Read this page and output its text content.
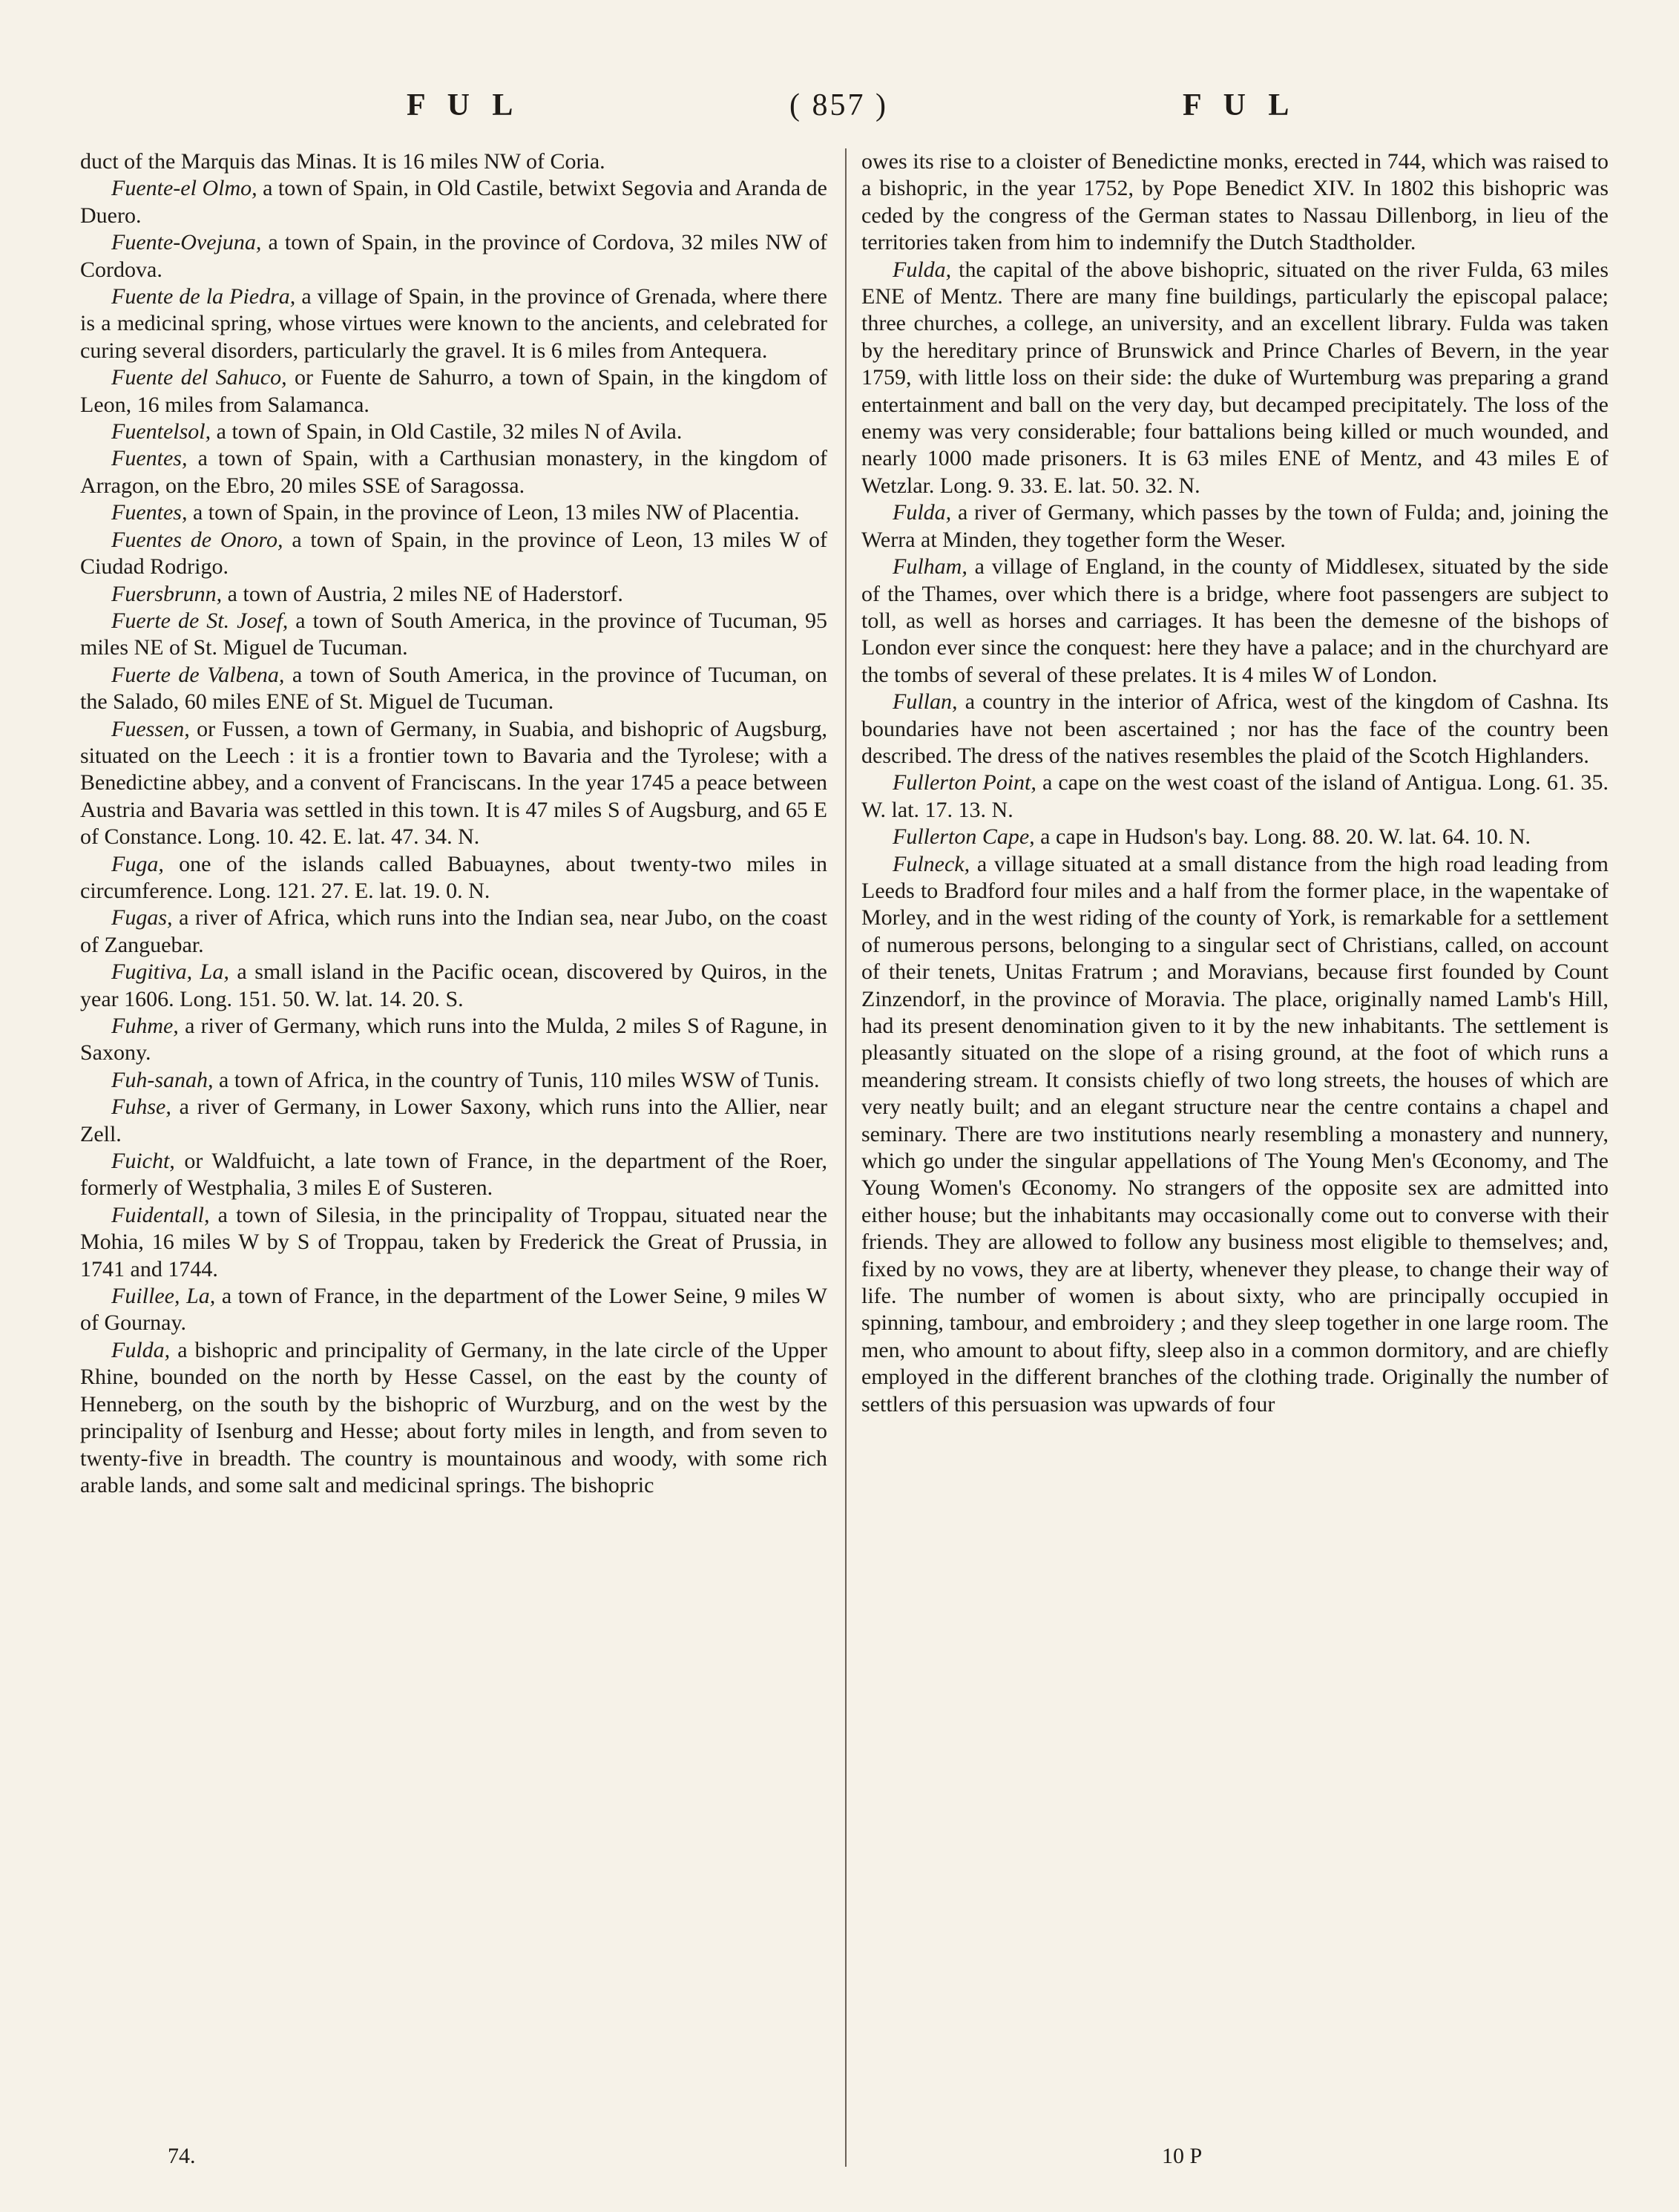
F U L	( 857 )	F U L

duct of the Marquis das Minas. It is 16 miles NW of Coria.

Fuente-el Olmo, a town of Spain, in Old Castile, betwixt Segovia and Aranda de Duero.

Fuente-Ovejuna, a town of Spain, in the province of Cordova, 32 miles NW of Cordova.

Fuente de la Piedra, a village of Spain, in the province of Grenada, where there is a medicinal spring, whose virtues were known to the ancients, and celebrated for curing several disorders, particularly the gravel. It is 6 miles from Antequera.

Fuente del Sahuco, or Fuente de Sahurro, a town of Spain, in the kingdom of Leon, 16 miles from Salamanca.

Fuentelsol, a town of Spain, in Old Castile, 32 miles N of Avila.

Fuentes, a town of Spain, with a Carthusian monastery, in the kingdom of Arragon, on the Ebro, 20 miles SSE of Saragossa.

Fuentes, a town of Spain, in the province of Leon, 13 miles NW of Placentia.

Fuentes de Onoro, a town of Spain, in the province of Leon, 13 miles W of Ciudad Rodrigo.

Fuersbrunn, a town of Austria, 2 miles NE of Haderstorf.

Fuerte de St. Josef, a town of South America, in the province of Tucuman, 95 miles NE of St. Miguel de Tucuman.

Fuerte de Valbena, a town of South America, in the province of Tucuman, on the Salado, 60 miles ENE of St. Miguel de Tucuman.

Fuessen, or Fussen, a town of Germany, in Suabia, and bishopric of Augsburg, situated on the Leech : it is a frontier town to Bavaria and the Tyrolese; with a Benedictine abbey, and a convent of Franciscans. In the year 1745 a peace between Austria and Bavaria was settled in this town. It is 47 miles S of Augsburg, and 65 E of Constance. Long. 10. 42. E. lat. 47. 34. N.

Fuga, one of the islands called Babuaynes, about twenty-two miles in circumference. Long. 121. 27. E. lat. 19. 0. N.

Fugas, a river of Africa, which runs into the Indian sea, near Jubo, on the coast of Zanguebar.

Fugitiva, La, a small island in the Pacific ocean, discovered by Quiros, in the year 1606. Long. 151. 50. W. lat. 14. 20. S.

Fuhme, a river of Germany, which runs into the Mulda, 2 miles S of Ragune, in Saxony.

Fuh-sanah, a town of Africa, in the country of Tunis, 110 miles WSW of Tunis.

Fuhse, a river of Germany, in Lower Saxony, which runs into the Allier, near Zell.

Fuicht, or Waldfuicht, a late town of France, in the department of the Roer, formerly of Westphalia, 3 miles E of Susteren.

Fuidentall, a town of Silesia, in the principality of Troppau, situated near the Mohia, 16 miles W by S of Troppau, taken by Frederick the Great of Prussia, in 1741 and 1744.

Fuillee, La, a town of France, in the department of the Lower Seine, 9 miles W of Gournay.

Fulda, a bishopric and principality of Germany, in the late circle of the Upper Rhine, bounded on the north by Hesse Cassel, on the east by the county of Henneberg, on the south by the bishopric of Wurzburg, and on the west by the principality of Isenburg and Hesse; about forty miles in length, and from seven to twenty-five in breadth. The country is mountainous and woody, with some rich arable lands, and some salt and medicinal springs. The bishopric

owes its rise to a cloister of Benedictine monks, erected in 744, which was raised to a bishopric, in the year 1752, by Pope Benedict XIV. In 1802 this bishopric was ceded by the congress of the German states to Nassau Dillenborg, in lieu of the territories taken from him to indemnify the Dutch Stadtholder.

Fulda, the capital of the above bishopric, situated on the river Fulda, 63 miles ENE of Mentz. There are many fine buildings, particularly the episcopal palace; three churches, a college, an university, and an excellent library. Fulda was taken by the hereditary prince of Brunswick and Prince Charles of Bevern, in the year 1759, with little loss on their side: the duke of Wurtemburg was preparing a grand entertainment and ball on the very day, but decamped precipitately. The loss of the enemy was very considerable; four battalions being killed or much wounded, and nearly 1000 made prisoners. It is 63 miles ENE of Mentz, and 43 miles E of Wetzlar. Long. 9. 33. E. lat. 50. 32. N.

Fulda, a river of Germany, which passes by the town of Fulda; and, joining the Werra at Minden, they together form the Weser.

Fulham, a village of England, in the county of Middlesex, situated by the side of the Thames, over which there is a bridge, where foot passengers are subject to toll, as well as horses and carriages. It has been the demesne of the bishops of London ever since the conquest: here they have a palace; and in the churchyard are the tombs of several of these prelates. It is 4 miles W of London.

Fullan, a country in the interior of Africa, west of the kingdom of Cashna. Its boundaries have not been ascertained ; nor has the face of the country been described. The dress of the natives resembles the plaid of the Scotch Highlanders.

Fullerton Point, a cape on the west coast of the island of Antigua. Long. 61. 35. W. lat. 17. 13. N.

Fullerton Cape, a cape in Hudson's bay. Long. 88. 20. W. lat. 64. 10. N.

Fulneck, a village situated at a small distance from the high road leading from Leeds to Bradford four miles and a half from the former place, in the wapentake of Morley, and in the west riding of the county of York, is remarkable for a settlement of numerous persons, belonging to a singular sect of Christians, called, on account of their tenets, Unitas Fratrum ; and Moravians, because first founded by Count Zinzendorf, in the province of Moravia. The place, originally named Lamb's Hill, had its present denomination given to it by the new inhabitants. The settlement is pleasantly situated on the slope of a rising ground, at the foot of which runs a meandering stream. It consists chiefly of two long streets, the houses of which are very neatly built; and an elegant structure near the centre contains a chapel and seminary. There are two institutions nearly resembling a monastery and nunnery, which go under the singular appellations of The Young Men's Œconomy, and The Young Women's Œconomy. No strangers of the opposite sex are admitted into either house; but the inhabitants may occasionally come out to converse with their friends. They are allowed to follow any business most eligible to themselves; and, fixed by no vows, they are at liberty, whenever they please, to change their way of life. The number of women is about sixty, who are principally occupied in spinning, tambour, and embroidery ; and they sleep together in one large room. The men, who amount to about fifty, sleep also in a common dormitory, and are chiefly employed in the different branches of the clothing trade. Originally the number of settlers of this persuasion was upwards of four

74.	10 P
